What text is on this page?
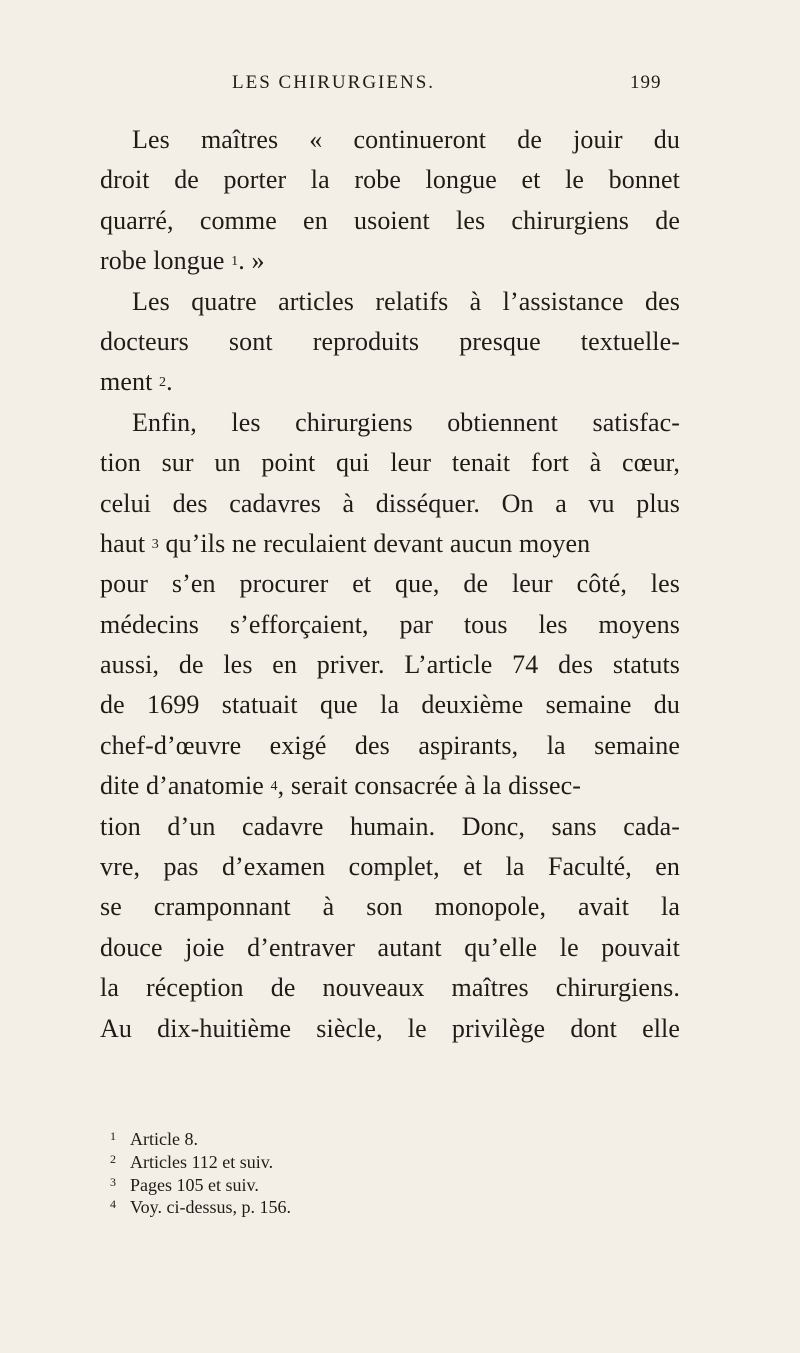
LES CHIRURGIENS.	199
Les maîtres « continueront de jouir du
droit de porter la robe longue et le bonnet
quarré, comme en usoient les chirurgiens de
robe longue $^1$. »
Les quatre articles relatifs à l’assistance des
docteurs sont reproduits presque textuelle-
ment $^2$.
Enfin, les chirurgiens obtiennent satisfac-
tion sur un point qui leur tenait fort à cœur,
celui des cadavres à disséquer. On a vu plus
haut $^3$ qu’ils ne reculaient devant aucun moyen
pour s’en procurer et que, de leur côté, les
médecins s’efforçaient, par tous les moyens
aussi, de les en priver. L’article 74 des statuts
de 1699 statuait que la deuxième semaine du
chef-d’œuvre exigé des aspirants, la semaine
dite d’anatomie $^4$, serait consacrée à la dissec-
tion d’un cadavre humain. Donc, sans cada-
vre, pas d’examen complet, et la Faculté, en
se cramponnant à son monopole, avait la
douce joie d’entraver autant qu’elle le pouvait
la réception de nouveaux maîtres chirurgiens.
Au dix-huitième siècle, le privilège dont elle
1 Article 8.
2 Articles 112 et suiv.
3 Pages 105 et suiv.
4 Voy. ci-dessus, p. 156.
